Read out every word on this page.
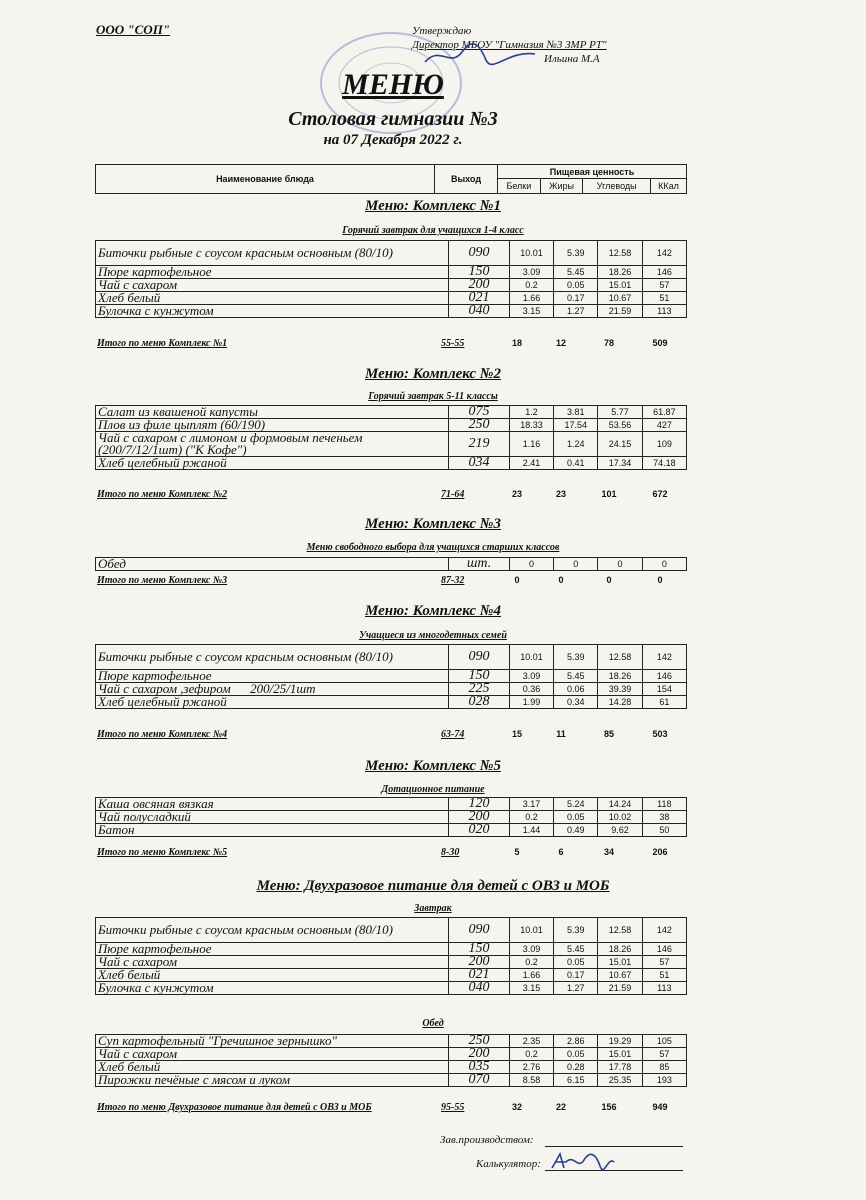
ООО "СОП"	Утверждаю
Директор МБОУ "Гимназия №3 ЗМР РТ"
Ильина М.А
МЕНЮ
Столовая гимназии №3
на 07 Декабря 2022 г.
Наименование блюда	Выход	Пищевая ценность			
		Белки	Жиры	Углеводы	ККал
Меню: Комплекс №1
Горячий завтрак для учащихся 1-4 класс
Биточки рыбные с соусом красным основным (80/10)	090	10.01	5.39	12.58	142
Пюре картофельное	150	3.09	5.45	18.26	146
Чай с сахаром	200	0.2	0.05	15.01	57
Хлеб белый	021	1.66	0.17	10.67	51
Булочка с кунжутом	040	3.15	1.27	21.59	113
Итого по меню Комплекс №1	55-55	18	12	78	509
Меню: Комплекс №2
Горячий завтрак 5-11 классы
Салат из квашеной капусты	075	1.2	3.81	5.77	61.87
Плов из филе цыплят (60/190)	250	18.33	17.54	53.56	427
Чай с сахаром с лимоном и формовым печеньем (200/7/12/1шт) ("К Кофе")	219	1.16	1.24	24.15	109
Хлеб целебный ржаной	034	2.41	0.41	17.34	74.18
Итого по меню Комплекс №2	71-64	23	23	101	672
Меню: Комплекс №3
Меню свободного выбора для учащихся старших классов
Обед	шт.	0	0	0	0
Итого по меню Комплекс №3	87-32	0	0	0	0
Меню: Комплекс №4
Учащиеся из многодетных семей
Биточки рыбные с соусом красным основным (80/10)	090	10.01	5.39	12.58	142
Пюре картофельное	150	3.09	5.45	18.26	146
Чай с сахаром ,зефиром      200/25/1шт	225	0.36	0.06	39.39	154
Хлеб целебный ржаной	028	1.99	0.34	14.28	61
Итого по меню Комплекс №4	63-74	15	11	85	503
Меню: Комплекс №5
Дотационное питание
Каша овсяная вязкая	120	3.17	5.24	14.24	118
Чай полусладкий	200	0.2	0.05	10.02	38
Батон	020	1.44	0.49	9.62	50
Итого по меню Комплекс №5	8-30	5	6	34	206
Меню: Двухразовое питание для детей с ОВЗ и МОБ
Завтрак
Биточки рыбные с соусом красным основным (80/10)	090	10.01	5.39	12.58	142
Пюре картофельное	150	3.09	5.45	18.26	146
Чай с сахаром	200	0.2	0.05	15.01	57
Хлеб белый	021	1.66	0.17	10.67	51
Булочка с кунжутом	040	3.15	1.27	21.59	113
Обед
Суп картофельный "Гречишное зернышко"	250	2.35	2.86	19.29	105
Чай с сахаром	200	0.2	0.05	15.01	57
Хлеб белый	035	2.76	0.28	17.78	85
Пирожки печёные с мясом и луком	070	8.58	6.15	25.35	193
Итого по меню Двухразовое питание для детей с ОВЗ и МОБ	95-55	32	22	156	949
Зав.производством:
Калькулятор:
